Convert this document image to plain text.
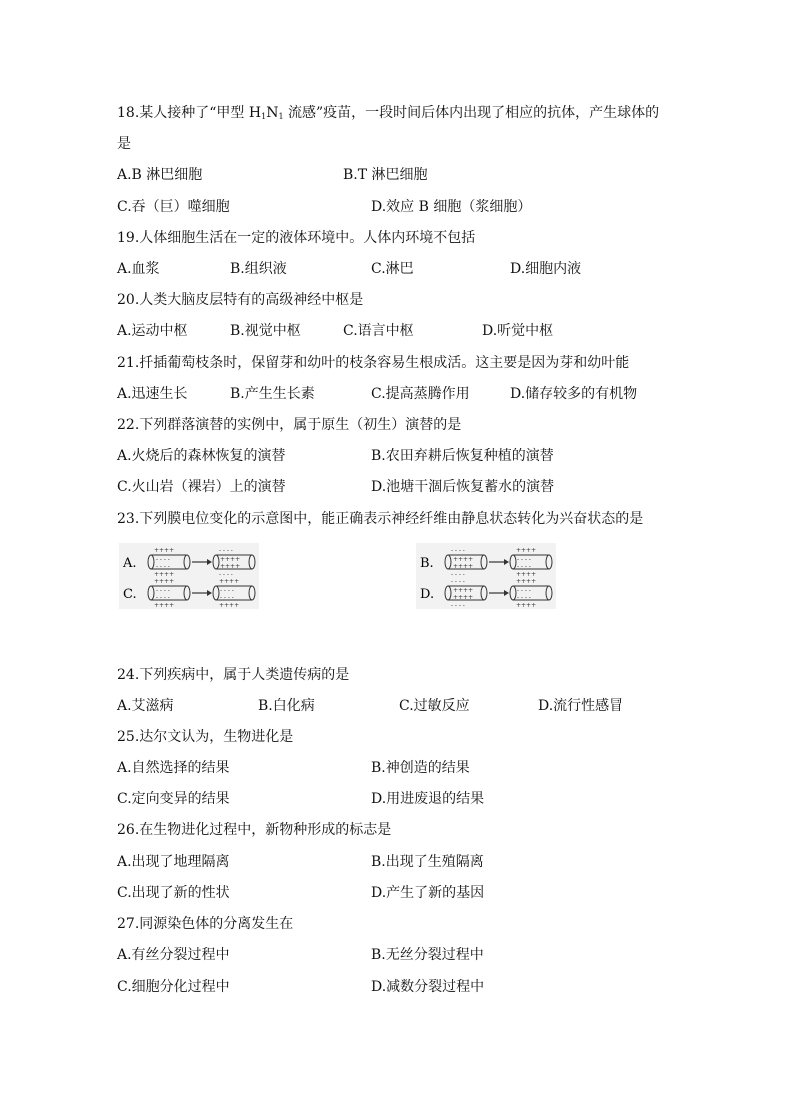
18.某人接种了“甲型 $H_1N_1$ 流感”疫苗，一段时间后体内出现了相应的抗体，产生球体的
是
A.B 淋巴细胞	B.T 淋巴细胞
C.吞（巨）噬细胞	D.效应 B 细胞（浆细胞）
19.人体细胞生活在一定的液体环境中。人体内环境不包括
A.血浆	B.组织液	C.淋巴	D.细胞内液
20.人类大脑皮层特有的高级神经中枢是
A.运动中枢	B.视觉中枢	C.语言中枢	D.听觉中枢
21.扦插葡萄枝条时，保留芽和幼叶的枝条容易生根成活。这主要是因为芽和幼叶能
A.迅速生长	B.产生生长素	C.提高蒸腾作用	D.储存较多的有机物
22.下列群落演替的实例中，属于原生（初生）演替的是
A.火烧后的森林恢复的演替	B.农田弃耕后恢复种植的演替
C.火山岩（裸岩）上的演替	D.池塘干涸后恢复蓄水的演替
23.下列膜电位变化的示意图中，能正确表示神经纤维由静息状态转化为兴奋状态的是
A.
++++
- - - -
- - - -
++++
- - - -
++++
++++
- - - -
C.
++++
- - - -
- - - -
++++
++++
- - - -
- - - -
++++
B.
- - - -
++++
++++
- - - -
++++
- - - -
- - - -
++++
D.
- - - -
++++
++++
- - - -
++++
- - - -
- - - -
++++
24.下列疾病中，属于人类遗传病的是
A.艾滋病	B.白化病	C.过敏反应	D.流行性感冒
25.达尔文认为，生物进化是
A.自然选择的结果	B.神创造的结果
C.定向变异的结果	D.用进废退的结果
26.在生物进化过程中，新物种形成的标志是
A.出现了地理隔离	B.出现了生殖隔离
C.出现了新的性状	D.产生了新的基因
27.同源染色体的分离发生在
A.有丝分裂过程中	B.无丝分裂过程中
C.细胞分化过程中	D.减数分裂过程中
